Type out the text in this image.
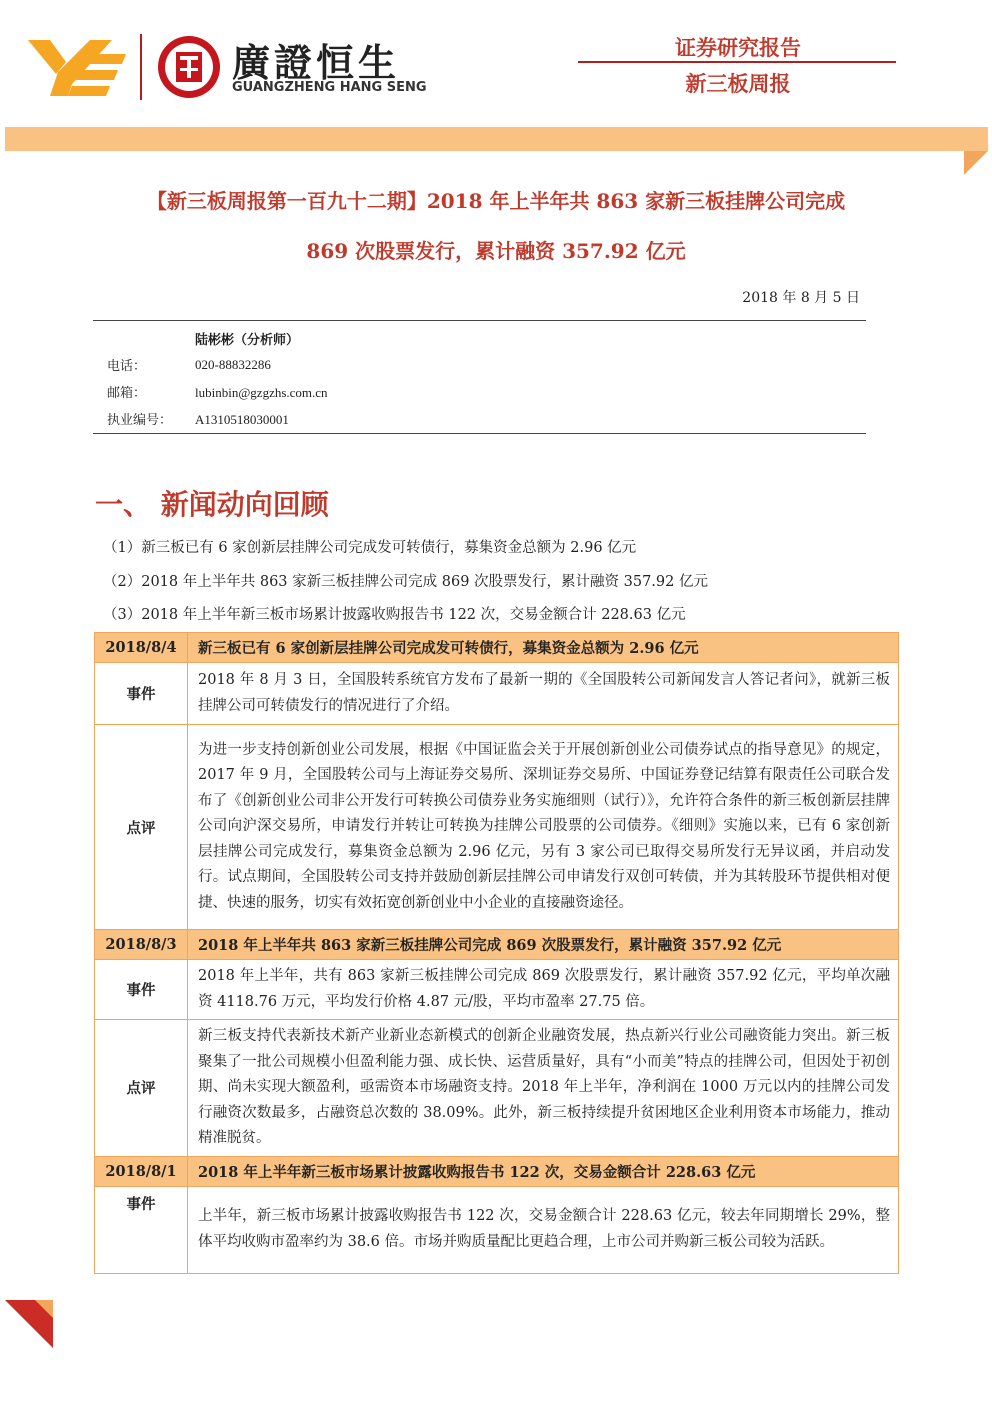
廣證恒生
GUANGZHENG HANG SENG
证券研究报告
新三板周报
【新三板周报第一百九十二期】2018 年上半年共 863 家新三板挂牌公司完成
869 次股票发行，累计融资 357.92 亿元
2018 年 8 月 5 日
陆彬彬（分析师）
电话：	020-88832286
邮箱：	lubinbin@gzgzhs.com.cn
执业编号： A1310518030001
一、 新闻动向回顾
（1）新三板已有 6 家创新层挂牌公司完成发可转债行，募集资金总额为 2.96 亿元
（2）2018 年上半年共 863 家新三板挂牌公司完成 869 次股票发行，累计融资 357.92 亿元
（3）2018 年上半年新三板市场累计披露收购报告书 122 次，交易金额合计 228.63 亿元
2018/8/4	新三板已有 6 家创新层挂牌公司完成发可转债行，募集资金总额为 2.96 亿元
事件	2018 年 8 月 3 日，全国股转系统官方发布了最新一期的《全国股转公司新闻发言人答记者问》，就新三板挂牌公司可转债发行的情况进行了介绍。
点评	为进一步支持创新创业公司发展，根据《中国证监会关于开展创新创业公司债券试点的指导意见》的规定，2017 年 9 月，全国股转公司与上海证券交易所、深圳证券交易所、中国证券登记结算有限责任公司联合发布了《创新创业公司非公开发行可转换公司债券业务实施细则（试行）》，允许符合条件的新三板创新层挂牌公司向沪深交易所，申请发行并转让可转换为挂牌公司股票的公司债券。《细则》实施以来，已有 6 家创新层挂牌公司完成发行，募集资金总额为 2.96 亿元，另有 3 家公司已取得交易所发行无异议函，并启动发行。试点期间，全国股转公司支持并鼓励创新层挂牌公司申请发行双创可转债，并为其转股环节提供相对便捷、快速的服务，切实有效拓宽创新创业中小企业的直接融资途径。
2018/8/3	2018 年上半年共 863 家新三板挂牌公司完成 869 次股票发行，累计融资 357.92 亿元
事件	2018 年上半年，共有 863 家新三板挂牌公司完成 869 次股票发行，累计融资 357.92 亿元，平均单次融资 4118.76 万元，平均发行价格 4.87 元/股，平均市盈率 27.75 倍。
点评	新三板支持代表新技术新产业新业态新模式的创新企业融资发展，热点新兴行业公司融资能力突出。新三板聚集了一批公司规模小但盈利能力强、成长快、运营质量好，具有“小而美”特点的挂牌公司，但因处于初创期、尚未实现大额盈利，亟需资本市场融资支持。2018 年上半年，净利润在 1000 万元以内的挂牌公司发行融资次数最多，占融资总次数的 38.09%。此外，新三板持续提升贫困地区企业利用资本市场能力，推动精准脱贫。
2018/8/1	2018 年上半年新三板市场累计披露收购报告书 122 次，交易金额合计 228.63 亿元
事件	上半年，新三板市场累计披露收购报告书 122 次，交易金额合计 228.63 亿元，较去年同期增长 29%，整体平均收购市盈率约为 38.6 倍。市场并购质量配比更趋合理，上市公司并购新三板公司较为活跃。
